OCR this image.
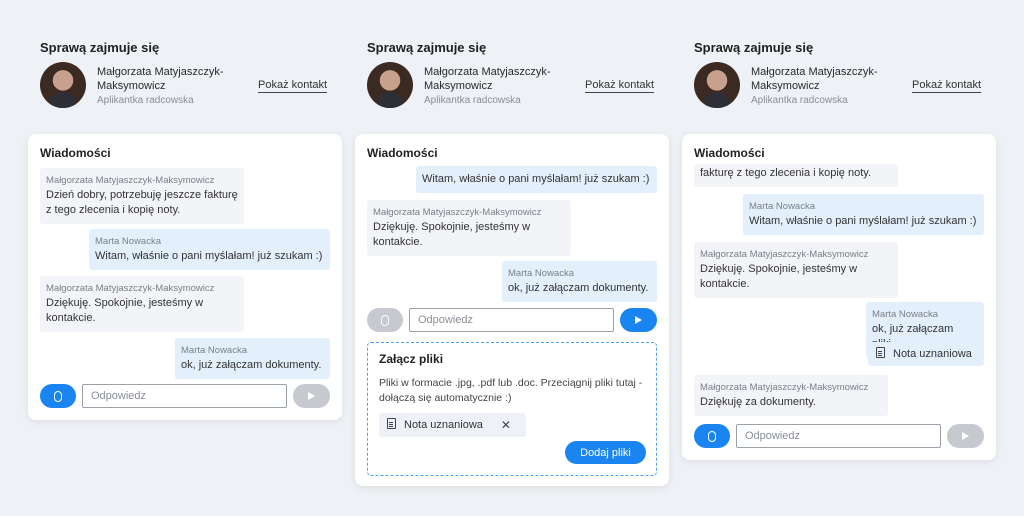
Sprawą zajmuje się
Małgorzata Matyjaszczyk-Maksymowicz
Aplikantka radcowska
Pokaż kontakt
Wiadomości
Małgorzata Matyjaszczyk-Maksymowicz
Dzień dobry, potrzebuję jeszcze fakturę z tego zlecenia i kopię noty.
Marta Nowacka
Witam, właśnie o pani myślałam! już szukam :)
Małgorzata Matyjaszczyk-Maksymowicz
Dziękuję. Spokojnie, jesteśmy w kontakcie.
Marta Nowacka
ok, już załączam dokumenty.
Odpowiedz
Sprawą zajmuje się
Małgorzata Matyjaszczyk-Maksymowicz
Aplikantka radcowska
Pokaż kontakt
Wiadomości
Witam, właśnie o pani myślałam! już szukam :)
Małgorzata Matyjaszczyk-Maksymowicz
Dziękuję. Spokojnie, jesteśmy w kontakcie.
Marta Nowacka
ok, już załączam dokumenty.
Odpowiedz
Załącz pliki
Pliki w formacie .jpg, .pdf lub .doc. Przeciągnij pliki tutaj - dołączą się automatycznie :)
Nota uznaniowa ✕
Dodaj pliki
Sprawą zajmuje się
Małgorzata Matyjaszczyk-Maksymowicz
Aplikantka radcowska
Pokaż kontakt
Wiadomości
fakturę z tego zlecenia i kopię noty.
Marta Nowacka
Witam, właśnie o pani myślałam! już szukam :)
Małgorzata Matyjaszczyk-Maksymowicz
Dziękuję. Spokojnie, jesteśmy w kontakcie.
Marta Nowacka
ok, już załączam
Nota uznaniowa
Małgorzata Matyjaszczyk-Maksymowicz
Dziękuję za dokumenty.
Odpowiedz
